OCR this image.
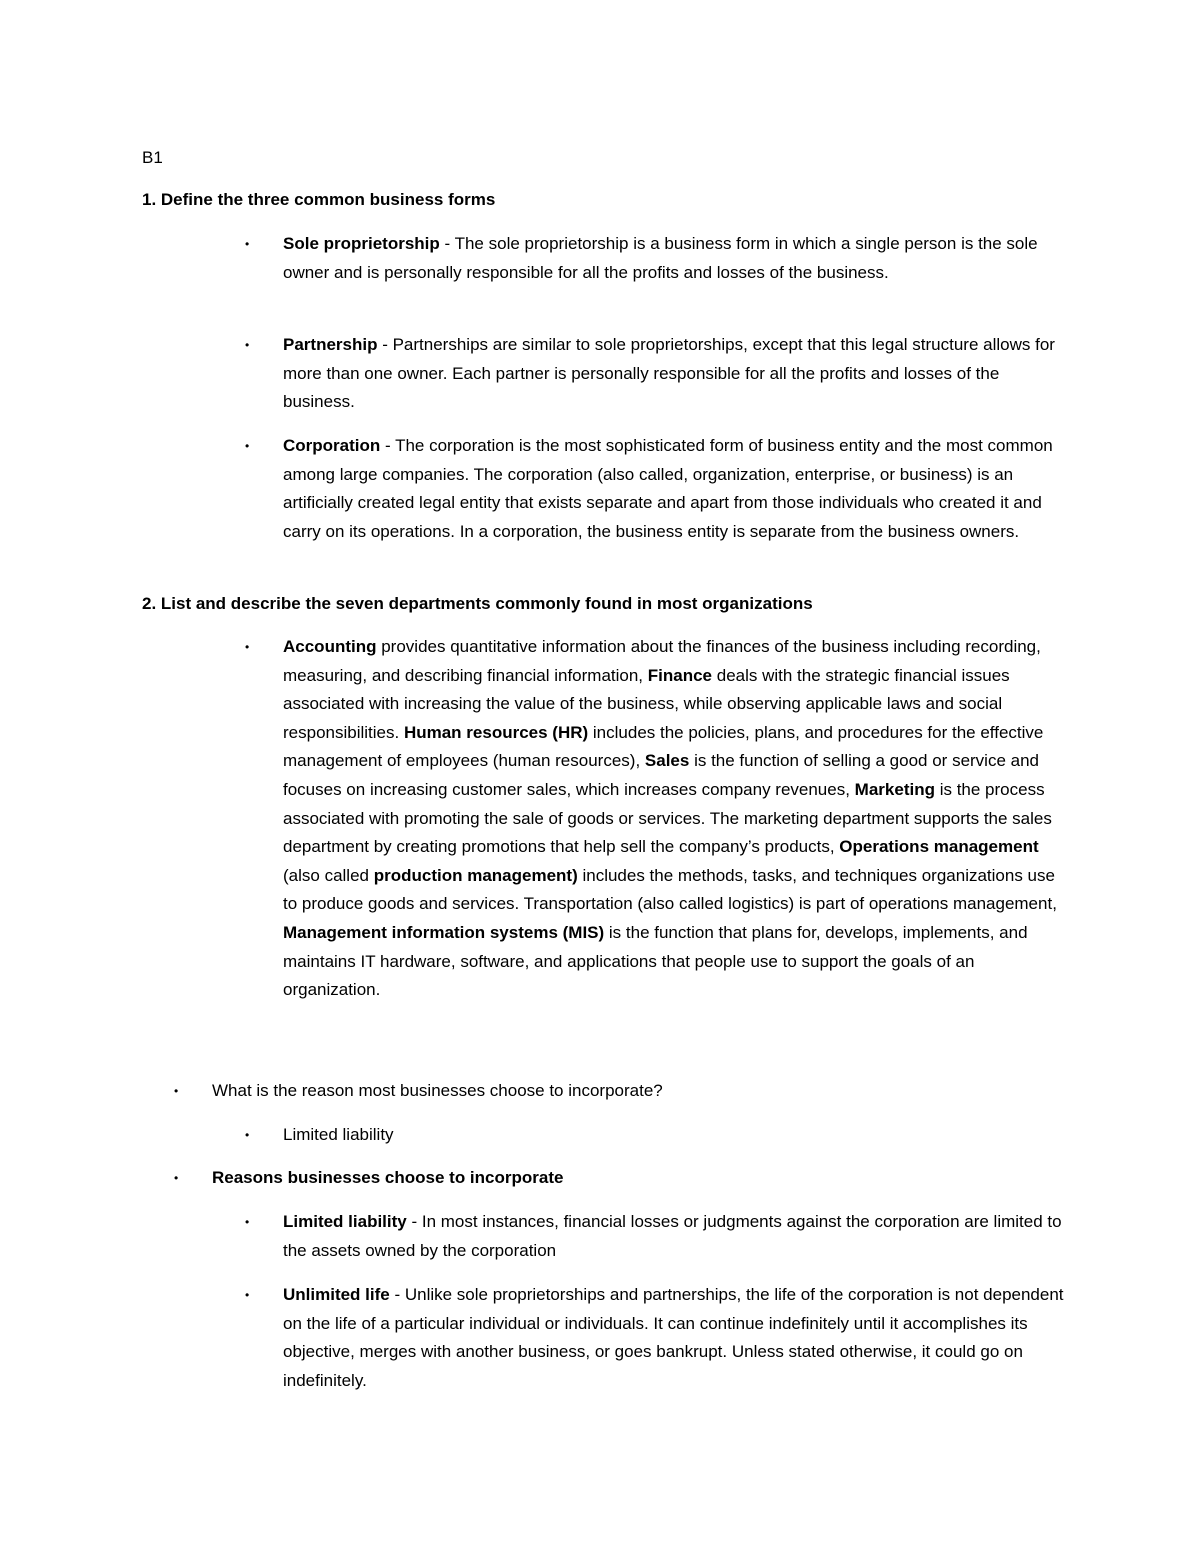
B1

1. Define the three common business forms

• Sole proprietorship - The sole proprietorship is a business form in which a single person is the sole owner and is personally responsible for all the profits and losses of the business.
• Partnership - Partnerships are similar to sole proprietorships, except that this legal structure allows for more than one owner. Each partner is personally responsible for all the profits and losses of the business.
• Corporation - The corporation is the most sophisticated form of business entity and the most common among large companies. The corporation (also called, organization, enterprise, or business) is an artificially created legal entity that exists separate and apart from those individuals who created it and carry on its operations. In a corporation, the business entity is separate from the business owners.

2. List and describe the seven departments commonly found in most organizations

• Accounting provides quantitative information about the finances of the business including recording, measuring, and describing financial information, Finance deals with the strategic financial issues associated with increasing the value of the business, while observing applicable laws and social responsibilities. Human resources (HR) includes the policies, plans, and procedures for the effective management of employees (human resources), Sales is the function of selling a good or service and focuses on increasing customer sales, which increases company revenues, Marketing is the process associated with promoting the sale of goods or services. The marketing department supports the sales department by creating promotions that help sell the company’s products, Operations management (also called production management) includes the methods, tasks, and techniques organizations use to produce goods and services. Transportation (also called logistics) is part of operations management, Management information systems (MIS) is the function that plans for, develops, implements, and maintains IT hardware, software, and applications that people use to support the goals of an organization.
• What is the reason most businesses choose to incorporate?
• Limited liability
• Reasons businesses choose to incorporate
• Limited liability - In most instances, financial losses or judgments against the corporation are limited to the assets owned by the corporation
• Unlimited life - Unlike sole proprietorships and partnerships, the life of the corporation is not dependent on the life of a particular individual or individuals. It can continue indefinitely until it accomplishes its objective, merges with another business, or goes bankrupt. Unless stated otherwise, it could go on indefinitely.
